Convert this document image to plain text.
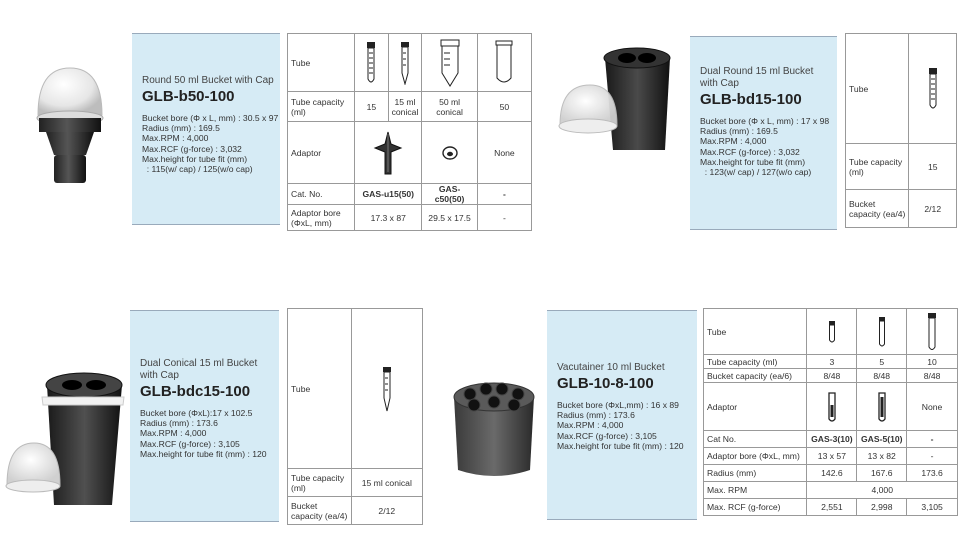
Round 50 ml Bucket with Cap
GLB-b50-100
Bucket bore (Φ x L, mm) : 30.5 x 97
Radius (mm) : 169.5
Max.RPM : 4,000
Max.RCF (g-force) : 3,032
Max.height for tube fit (mm)
: 115(w/ cap) / 125(w/o cap)
Tube	

Tube capacity (ml)	15	15 ml conical	50 ml conical	50
Adaptor				None
Cat. No.	GAS-u15(50)		GAS-c50(50)	-
Adaptor bore (ΦxL, mm)	17.3 x 87		29.5 x 17.5	-
Dual Round 15 ml Bucket with Cap
GLB-bd15-100
Bucket bore (Φ x L, mm) : 17 x 98
Radius (mm) : 169.5
Max.RPM : 4,000
Max.RCF (g-force) : 3,032
Max.height for tube fit (mm)
: 123(w/ cap) / 127(w/o cap)
Tube	

Tube capacity (ml)	15
Bucket capacity (ea/4)	2/12
Dual Conical 15 ml Bucket with Cap
GLB-bdc15-100
Bucket bore (ΦxL):17 x 102.5
Radius (mm) : 173.6
Max.RPM : 4,000
Max.RCF (g-force) : 3,105
Max.height for tube fit (mm) : 120
Tube	

Tube capacity (ml)	15 ml conical
Bucket capacity (ea/4)	2/12
Vacutainer 10 ml Bucket
GLB-10-8-100
Bucket bore (ΦxL,mm) : 16 x 89
Radius (mm) : 173.6
Max.RPM : 4,000
Max.RCF (g-force) : 3,105
Max.height for tube fit (mm) : 120
Tube	

Tube capacity (ml)	3	5	10
Bucket capacity (ea/6)	8/48	8/48	8/48
Adaptor			None
Cat No.	GAS-3(10)	GAS-5(10)	-
Adaptor bore (ΦxL, mm)	13 x 57	13 x 82	-
Radius (mm)	142.6	167.6	173.6
Max. RPM	4,000		
Max. RCF (g-force)	2,551	2,998	3,105
